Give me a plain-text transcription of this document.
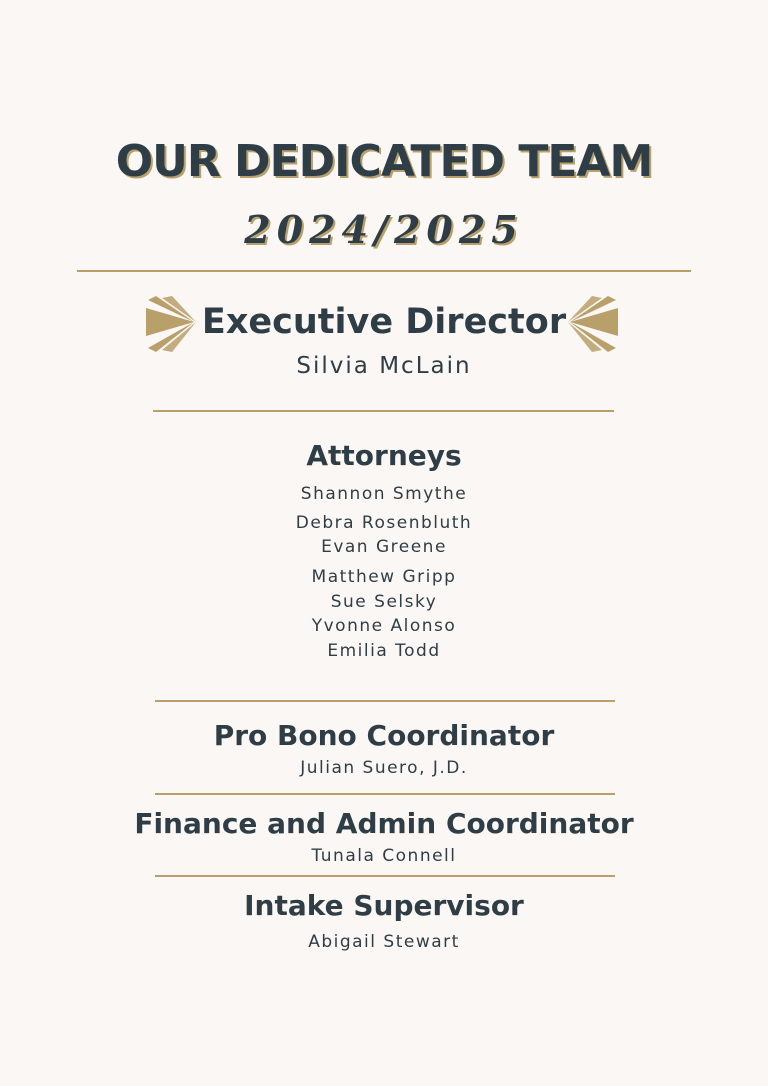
OUR DEDICATED TEAM
2024/2025
Executive Director
Silvia McLain
Attorneys
Shannon Smythe
Debra Rosenbluth
Evan Greene
Matthew Gripp
Sue Selsky
Yvonne Alonso
Emilia Todd
Pro Bono Coordinator
Julian Suero, J.D.
Finance and Admin Coordinator
Tunala Connell
Intake Supervisor
Abigail Stewart
